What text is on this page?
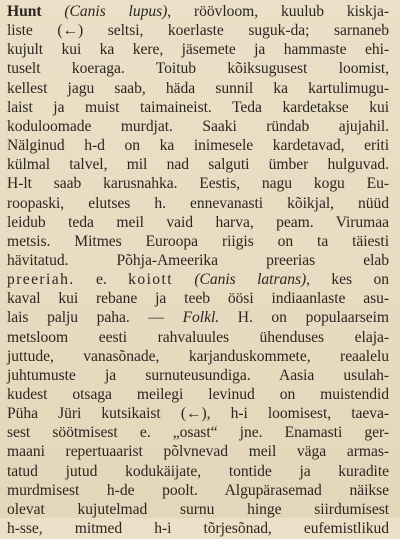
Hunt (Canis lupus), röövloom, kuulub kiskja-
liste (←) seltsi, koerlaste suguk-da; sarnaneb
kujult kui ka kere, jäsemete ja hammaste ehi-
tuselt koeraga. Toitub kõiksugusest loomist,
kellest jagu saab, häda sunnil ka kartulimugu-
laist ja muist taimaineist. Teda kardetakse kui
koduloomade murdjat. Saaki ründab ajujahil.
Nälginud h-d on ka inimesele kardetavad, eriti
külmal talvel, mil nad salguti ümber hulguvad.
H-lt saab karusnahka. Eestis, nagu kogu Eu-
roopaski, elutses h. ennevanasti kõikjal, nüüd
leidub teda meil vaid harva, peam. Virumaa
metsis. Mitmes Euroopa riigis on ta täiesti
hävitatud. Põhja-Ameerika preerias elab
preeriah. e. koiott (Canis latrans), kes on
kaval kui rebane ja teeb öösi indiaanlaste asu-
lais palju paha. — Folkl. H. on populaarseim
metsloom eesti rahvaluules ühenduses elaja-
juttude, vanasõnade, karjanduskommete, reaalelu
juhtumuste ja surnuteusundiga. Aasia usulah-
kudest otsaga meilegi levinud on muistendid
Püha Jüri kutsikaist (←), h-i loomisest, taeva-
sest söötmisest e. „osast“ jne. Enamasti ger-
maani repertuaarist põlvnevad meil väga armas-
tatud jutud kodukäijate, tontide ja kuradite
murdmisest h-de poolt. Algupärasemad näikse
olevat kujutelmad surnu hinge siirdumisest
h-sse, mitmed h-i tõrjesõnad, eufemistlikud
